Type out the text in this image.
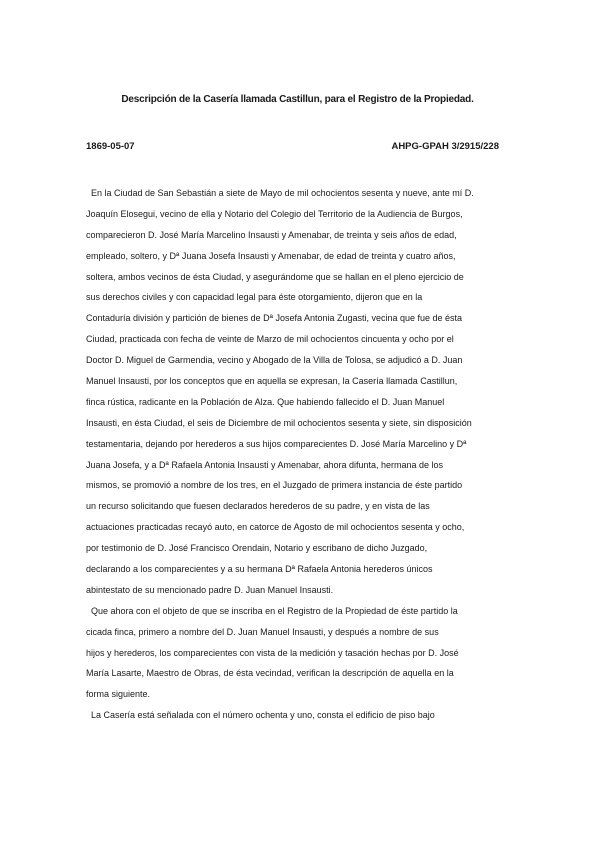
Descripción de la Casería llamada Castillun, para el Registro de la Propiedad.
1869-05-07	AHPG-GPAH 3/2915/228
En la Ciudad de San Sebastián a siete de Mayo de mil ochocientos sesenta y nueve, ante mí D.
Joaquín Elosegui, vecino de ella y Notario del Colegio del Territorio de la Audiencia de Burgos,
comparecieron D. José María Marcelino Insausti y Amenabar, de treinta y seis años de edad,
empleado, soltero, y Dª Juana Josefa Insausti y Amenabar, de edad de treinta y cuatro años,
soltera, ambos vecinos de ésta Ciudad, y asegurándome que se hallan en el pleno ejercicio de
sus derechos civiles y con capacidad legal para éste otorgamiento, dijeron que en la
Contaduría división y partición de bienes de Dª Josefa Antonia Zugasti, vecina que fue de ésta
Ciudad, practicada con fecha de veinte de Marzo de mil ochocientos cincuenta y ocho por el
Doctor D. Miguel de Garmendia, vecino y Abogado de la Villa de Tolosa, se adjudicó a D. Juan
Manuel Insausti, por los conceptos que en aquella se expresan, la Casería llamada Castillun,
finca rústica, radicante en la Población de Alza. Que habiendo fallecido el D. Juan Manuel
Insausti, en ésta Ciudad, el seis de Diciembre de mil ochocientos sesenta y siete, sin disposición
testamentaria, dejando por herederos a sus hijos comparecientes D. José María Marcelino y Dª
Juana Josefa, y a Dª Rafaela Antonia Insausti y Amenabar, ahora difunta, hermana de los
mismos, se promovió a nombre de los tres, en el Juzgado de primera instancia de éste partido
un recurso solicitando que fuesen declarados herederos de su padre, y en vista de las
actuaciones practicadas recayó auto, en catorce de Agosto de mil ochocientos sesenta y ocho,
por testimonio de D. José Francisco Orendain, Notario y escribano de dicho Juzgado,
declarando a los comparecientes y a su hermana Dª Rafaela Antonia herederos únicos
abintestato de su mencionado padre D. Juan Manuel Insausti.
Que ahora con el objeto de que se inscriba en el Registro de la Propiedad de éste partido la
cicada finca, primero a nombre del D. Juan Manuel Insausti, y después a nombre de sus
hijos y herederos, los comparecientes con vista de la medición y tasación hechas por D. José
María Lasarte, Maestro de Obras, de ésta vecindad, verifican la descripción de aquella en la
forma siguiente.
La Casería está señalada con el número ochenta y uno, consta el edificio de piso bajo
